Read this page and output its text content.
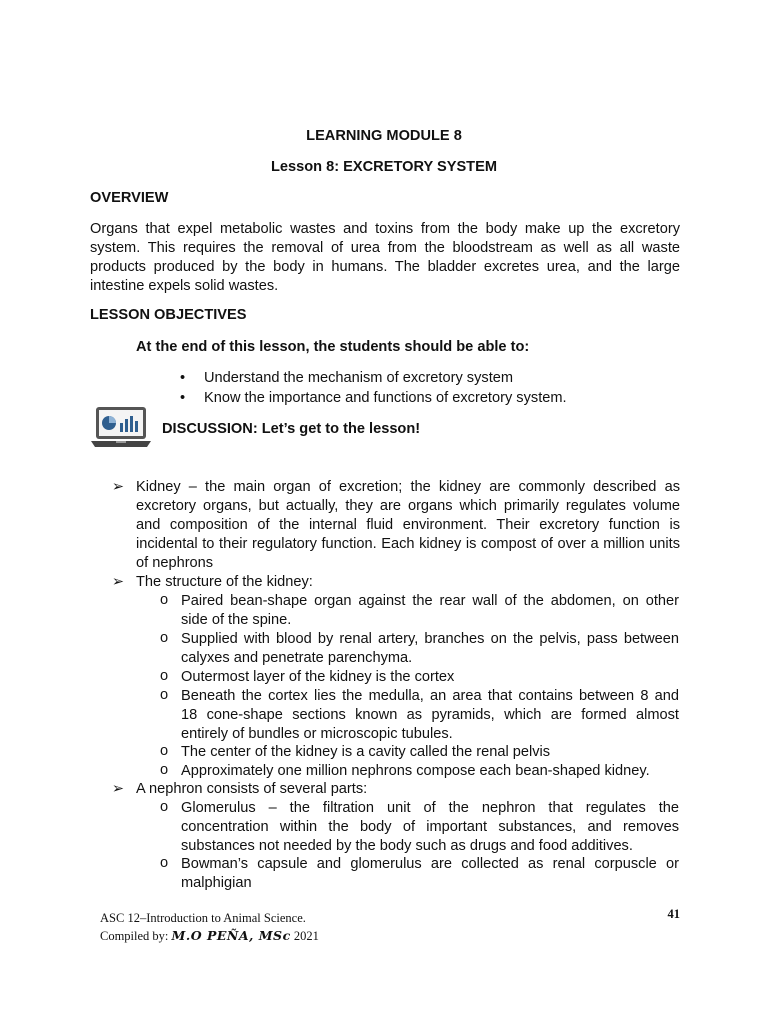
LEARNING MODULE 8
Lesson 8: EXCRETORY SYSTEM
OVERVIEW
Organs that expel metabolic wastes and toxins from the body make up the excretory
system. This requires the removal of urea from the bloodstream as well as all waste
products produced by the body in humans. The bladder excretes urea, and the large
intestine expels solid wastes.
LESSON OBJECTIVES
At the end of this lesson, the students should be able to:
• Understand the mechanism of excretory system
• Know the importance and functions of excretory system.
DISCUSSION: Let’s get to the lesson!
➢ Kidney – the main organ of excretion; the kidney are commonly described as
excretory organs, but actually, they are organs which primarily regulates volume
and composition of the internal fluid environment. Their excretory function is
incidental to their regulatory function. Each kidney is compost of over a million units
of nephrons
➢ The structure of the kidney:
o Paired bean-shape organ against the rear wall of the abdomen, on other
side of the spine.
o Supplied with blood by renal artery, branches on the pelvis, pass between
calyxes and penetrate parenchyma.
o Outermost layer of the kidney is the cortex
o Beneath the cortex lies the medulla, an area that contains between 8 and
18 cone-shape sections known as pyramids, which are formed almost
entirely of bundles or microscopic tubules.
o The center of the kidney is a cavity called the renal pelvis
o Approximately one million nephrons compose each bean-shaped kidney.
➢ A nephron consists of several parts:
o Glomerulus – the filtration unit of the nephron that regulates the
concentration within the body of important substances, and removes
substances not needed by the body such as drugs and food additives.
o Bowman’s capsule and glomerulus are collected as renal corpuscle or
malphigian
ASC 12–Introduction to Animal Science.
Compiled by: M.O PEÑA, MSc 2021
41
